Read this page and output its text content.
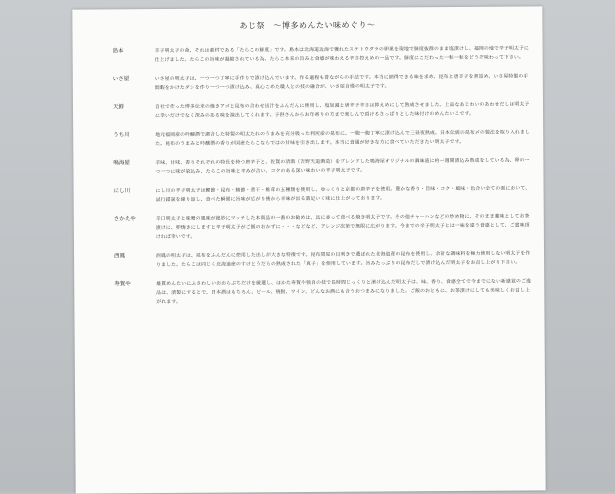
あじ祭　〜博多めんたい味めぐり〜
島本	辛子明太子の命、それは素材である「たらこの鮮度」です。島本は北海道近海で獲れたスケトウダラの卵巣を現地で鮮度抜群のまま塩漬けし、福岡の地で辛子明太子に仕上げました。たらこの旨味が凝縮されている為、たらこ本来の旨みと食感が味わえる辛さ控えめの一品です。鮮度にこだわった一粒一粒をどうぞ味わって下さい。
いさ屋	いさ屋の明太子は、一つ一つ丁寧に手作りで漬け込んでいます。作る過程も昔ながらの手法です。本当に納得できる味を求め、昆布と唐辛子を煮詰め、いさ屋特製の手間暇をかけたダシを作り一つ一つ漬け込み、真心こめた職人との技の融合が、いさ屋自慢の明太子です。
天鮮	自社で作った博多伝来の焼きアゴと昆布の合わせ出汁をふんだんに使用し、塩加減と唐辛子辛さは抑えめにして熟成させました。上品なあじわいのあわせだしは明太子に幸いだけでなく深みのある味を演出してくれます。子供さんからお年寄りの方まで楽しんで頂けるさっぱりとした味付けのめんたいこです。
うち川	地元福岡産の吟醸酒で調合した特製の明太たれのうまみを充分吸った利尻産の昆布に、一腹一腹丁寧に漬け込んで三昼夜熟成。日本伝統の昆布〆の製法を取り入れました。昆布のうまみと吟醸酒の香りが国産たらこならではの甘味を引き出します。本当に食通が好きな方に食べていただきたい明太子です。
鳴海屋	辛味、甘味、香りそれぞれの特長を持つ唐辛子と、佐賀の清酒（吉野天道酒造）をブレンドした鳴海屋オリジナルの調味液に約一週間漬込み熟成をしている為、卵の一つ一つに味が染込み、たらこの旨味と辛みが合い、コクのある深い味わいの辛子明太子です。
にし川	にし川の辛子明太子は鰹節・昆布・鯖節・煮干・椎茸の五種類を使用し、ゆっくりと京都の唐辛子を使用。豊かな香り・旨味・コク・風味・色合い全ての面において、試行錯誤を繰り返し、食べた瞬間に旨味が広がり後から辛味が出る満足いく味に仕上がっております。
さかえや	辛口明太子と味噌の風味が絶妙にマッチした本商品の一番のお勧めは、具に並って食べる焼き明太子です。その他チャーハンなどの炒め物に、そのまま薬味としてお茶漬けに、卵焼きにしますと辛子明太子がご飯のおかずに・・・などなど、アレンジ次第で無限に広がります。今までの辛子明太子とは一味を違う食感として、ご賞味頂ければ幸いです。
西鳳	西鳳の明太子は、昆布をふんだんに使用した出しが大きな特徴です。昆布問屋の目利きで選ばれた北海道産の昆布を使用し、余計な調味料を極力使用しない明太子を作りました。たらこは同じく北海道産のすけとうだらの熟成された「真子」を使用しています。旨みたっぷりの昆布だしで漬け込んだ明太子をお召し上がり下さい。
寿賀や	雄貫めんたいにふさわしいおおらぶちだけを厳選し、ほかた寿賀や独自の技で長時間じっくりと漬け込んだ明太子は、味、香り、食感全てで今までにない新感覚のご逸品は、漬製にするとで、日本酒はもちろん、ビール、焼酎、ワイン、どんなお酒にも合うおつまみになりました。ご飯のおともに、お茶漬けにしても美味しくお召し上がれます。
